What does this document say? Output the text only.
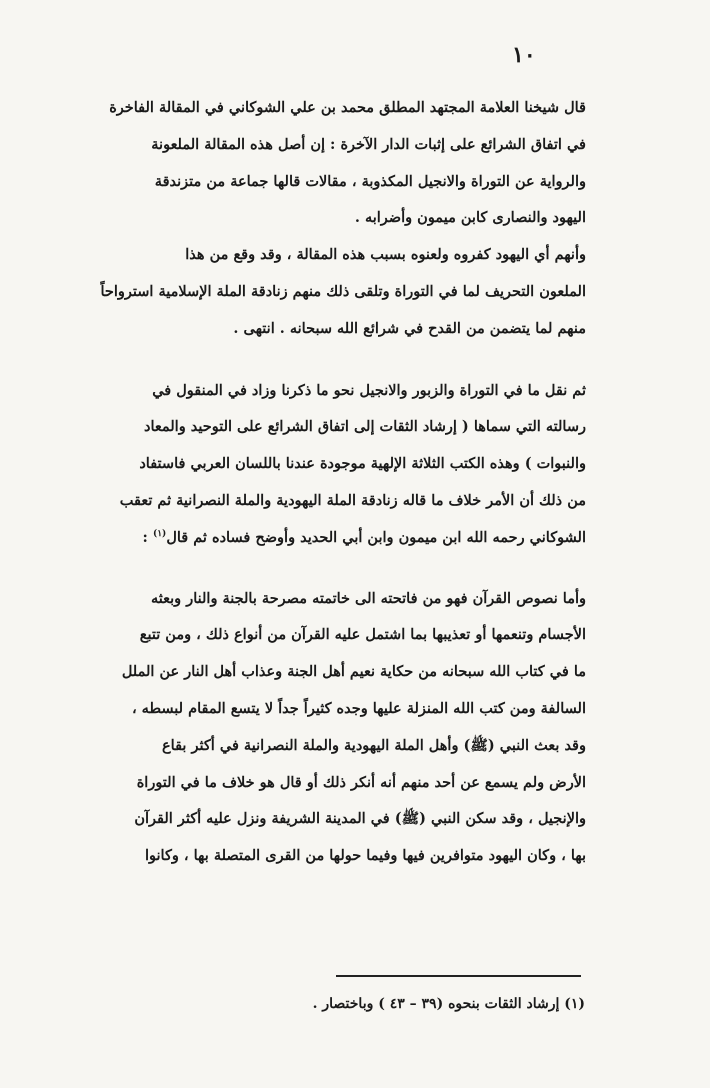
١٠

قال شيخنا العلامة المجتهد المطلق محمد بن علي الشوكاني في المقالة الفاخرة

في اتفاق الشرائع على إثبات الدار الآخرة : إن أصل هذه المقالة الملعونة

والرواية عن التوراة والانجيل المكذوبة ، مقالات قالها جماعة من متزندقة

اليهود والنصارى كابن ميمون وأضرابه .

وأنهم أي اليهود كفروه ولعنوه بسبب هذه المقالة ، وقد وقع من هذا

الملعون التحريف لما في التوراة وتلقى ذلك منهم زنادقة الملة الإسلامية استرواحاً

منهم لما يتضمن من القدح في شرائع الله سبحانه . انتهى .

ثم نقل ما في التوراة والزبور والانجيل نحو ما ذكرنا وزاد في المنقول في

رسالته التي سماها ( إرشاد الثقات إلى اتفاق الشرائع على التوحيد والمعاد

والنبوات ) وهذه الكتب الثلاثة الإلهية موجودة عندنا باللسان العربي فاستفاد

من ذلك أن الأمر خلاف ما قاله زنادقة الملة اليهودية والملة النصرانية ثم تعقب

الشوكاني رحمه الله ابن ميمون وابن أبي الحديد وأوضح فساده ثم قال$^{(١)}$ :

وأما نصوص القرآن فهو من فاتحته الى خاتمته مصرحة بالجنة والنار وبعثه

الأجسام وتنعمها أو تعذيبها بما اشتمل عليه القرآن من أنواع ذلك ، ومن تتبع

ما في كتاب الله سبحانه من حكاية نعيم أهل الجنة وعذاب أهل النار عن الملل

السالفة ومن كتب الله المنزلة عليها وجده كثيراً جداً لا يتسع المقام لبسطه ،

وقد بعث النبي (ﷺ) وأهل الملة اليهودية والملة النصرانية في أكثر بقاع

الأرض ولم يسمع عن أحد منهم أنه أنكر ذلك أو قال هو خلاف ما في التوراة

والإنجيل ، وقد سكن النبي (ﷺ) في المدينة الشريفة ونزل عليه أكثر القرآن

بها ، وكان اليهود متوافرين فيها وفيما حولها من القرى المتصلة بها ، وكانوا

(١) إرشاد الثقات بنحوه (٣٩ – ٤٣ ) وباختصار .
